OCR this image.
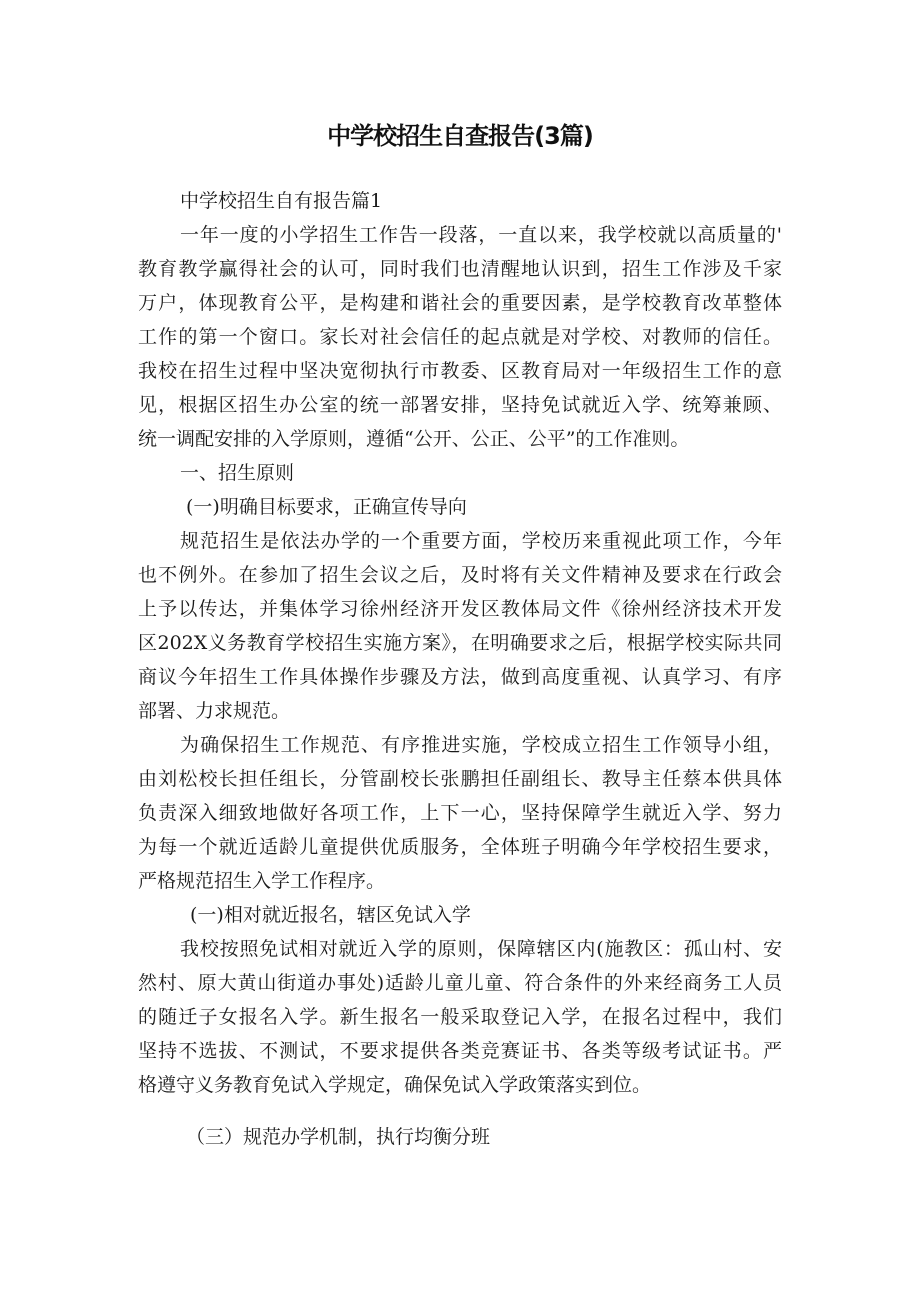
中学校招生自查报告(3篇)
中学校招生自有报告篇1
一年一度的小学招生工作告一段落，一直以来，我学校就以高质量的'
教育教学赢得社会的认可，同时我们也清醒地认识到，招生工作涉及千家
万户，体现教育公平，是构建和谐社会的重要因素，是学校教育改革整体
工作的第一个窗口。家长对社会信任的起点就是对学校、对教师的信任。
我校在招生过程中坚决宽彻执行市教委、区教育局对一年级招生工作的意
见，根据区招生办公室的统一部署安排，坚持免试就近入学、统筹兼顾、
统一调配安排的入学原则，遵循“公开、公正、公平”的工作准则。
一、招生原则
(一)明确目标要求，正确宣传导向
规范招生是依法办学的一个重要方面，学校历来重视此项工作，今年
也不例外。在参加了招生会议之后，及时将有关文件精神及要求在行政会
上予以传达，并集体学习徐州经济开发区教体局文件《徐州经济技术开发
区202X义务教育学校招生实施方案》，在明确要求之后，根据学校实际共同
商议今年招生工作具体操作步骤及方法，做到高度重视、认真学习、有序
部署、力求规范。
为确保招生工作规范、有序推进实施，学校成立招生工作领导小组，
由刘松校长担任组长，分管副校长张鹏担任副组长、教导主任蔡本供具体
负责深入细致地做好各项工作，上下一心，坚持保障学生就近入学、努力
为每一个就近适龄儿童提供优质服务，全体班子明确今年学校招生要求，
严格规范招生入学工作程序。
(一)相对就近报名，辖区免试入学
我校按照免试相对就近入学的原则，保障辖区内(施教区：孤山村、安
然村、原大黄山街道办事处)适龄儿童儿童、符合条件的外来经商务工人员
的随迁子女报名入学。新生报名一般采取登记入学，在报名过程中，我们
坚持不选拔、不测试，不要求提供各类竞赛证书、各类等级考试证书。严
格遵守义务教育免试入学规定，确保免试入学政策落实到位。
（三）规范办学机制，执行均衡分班
